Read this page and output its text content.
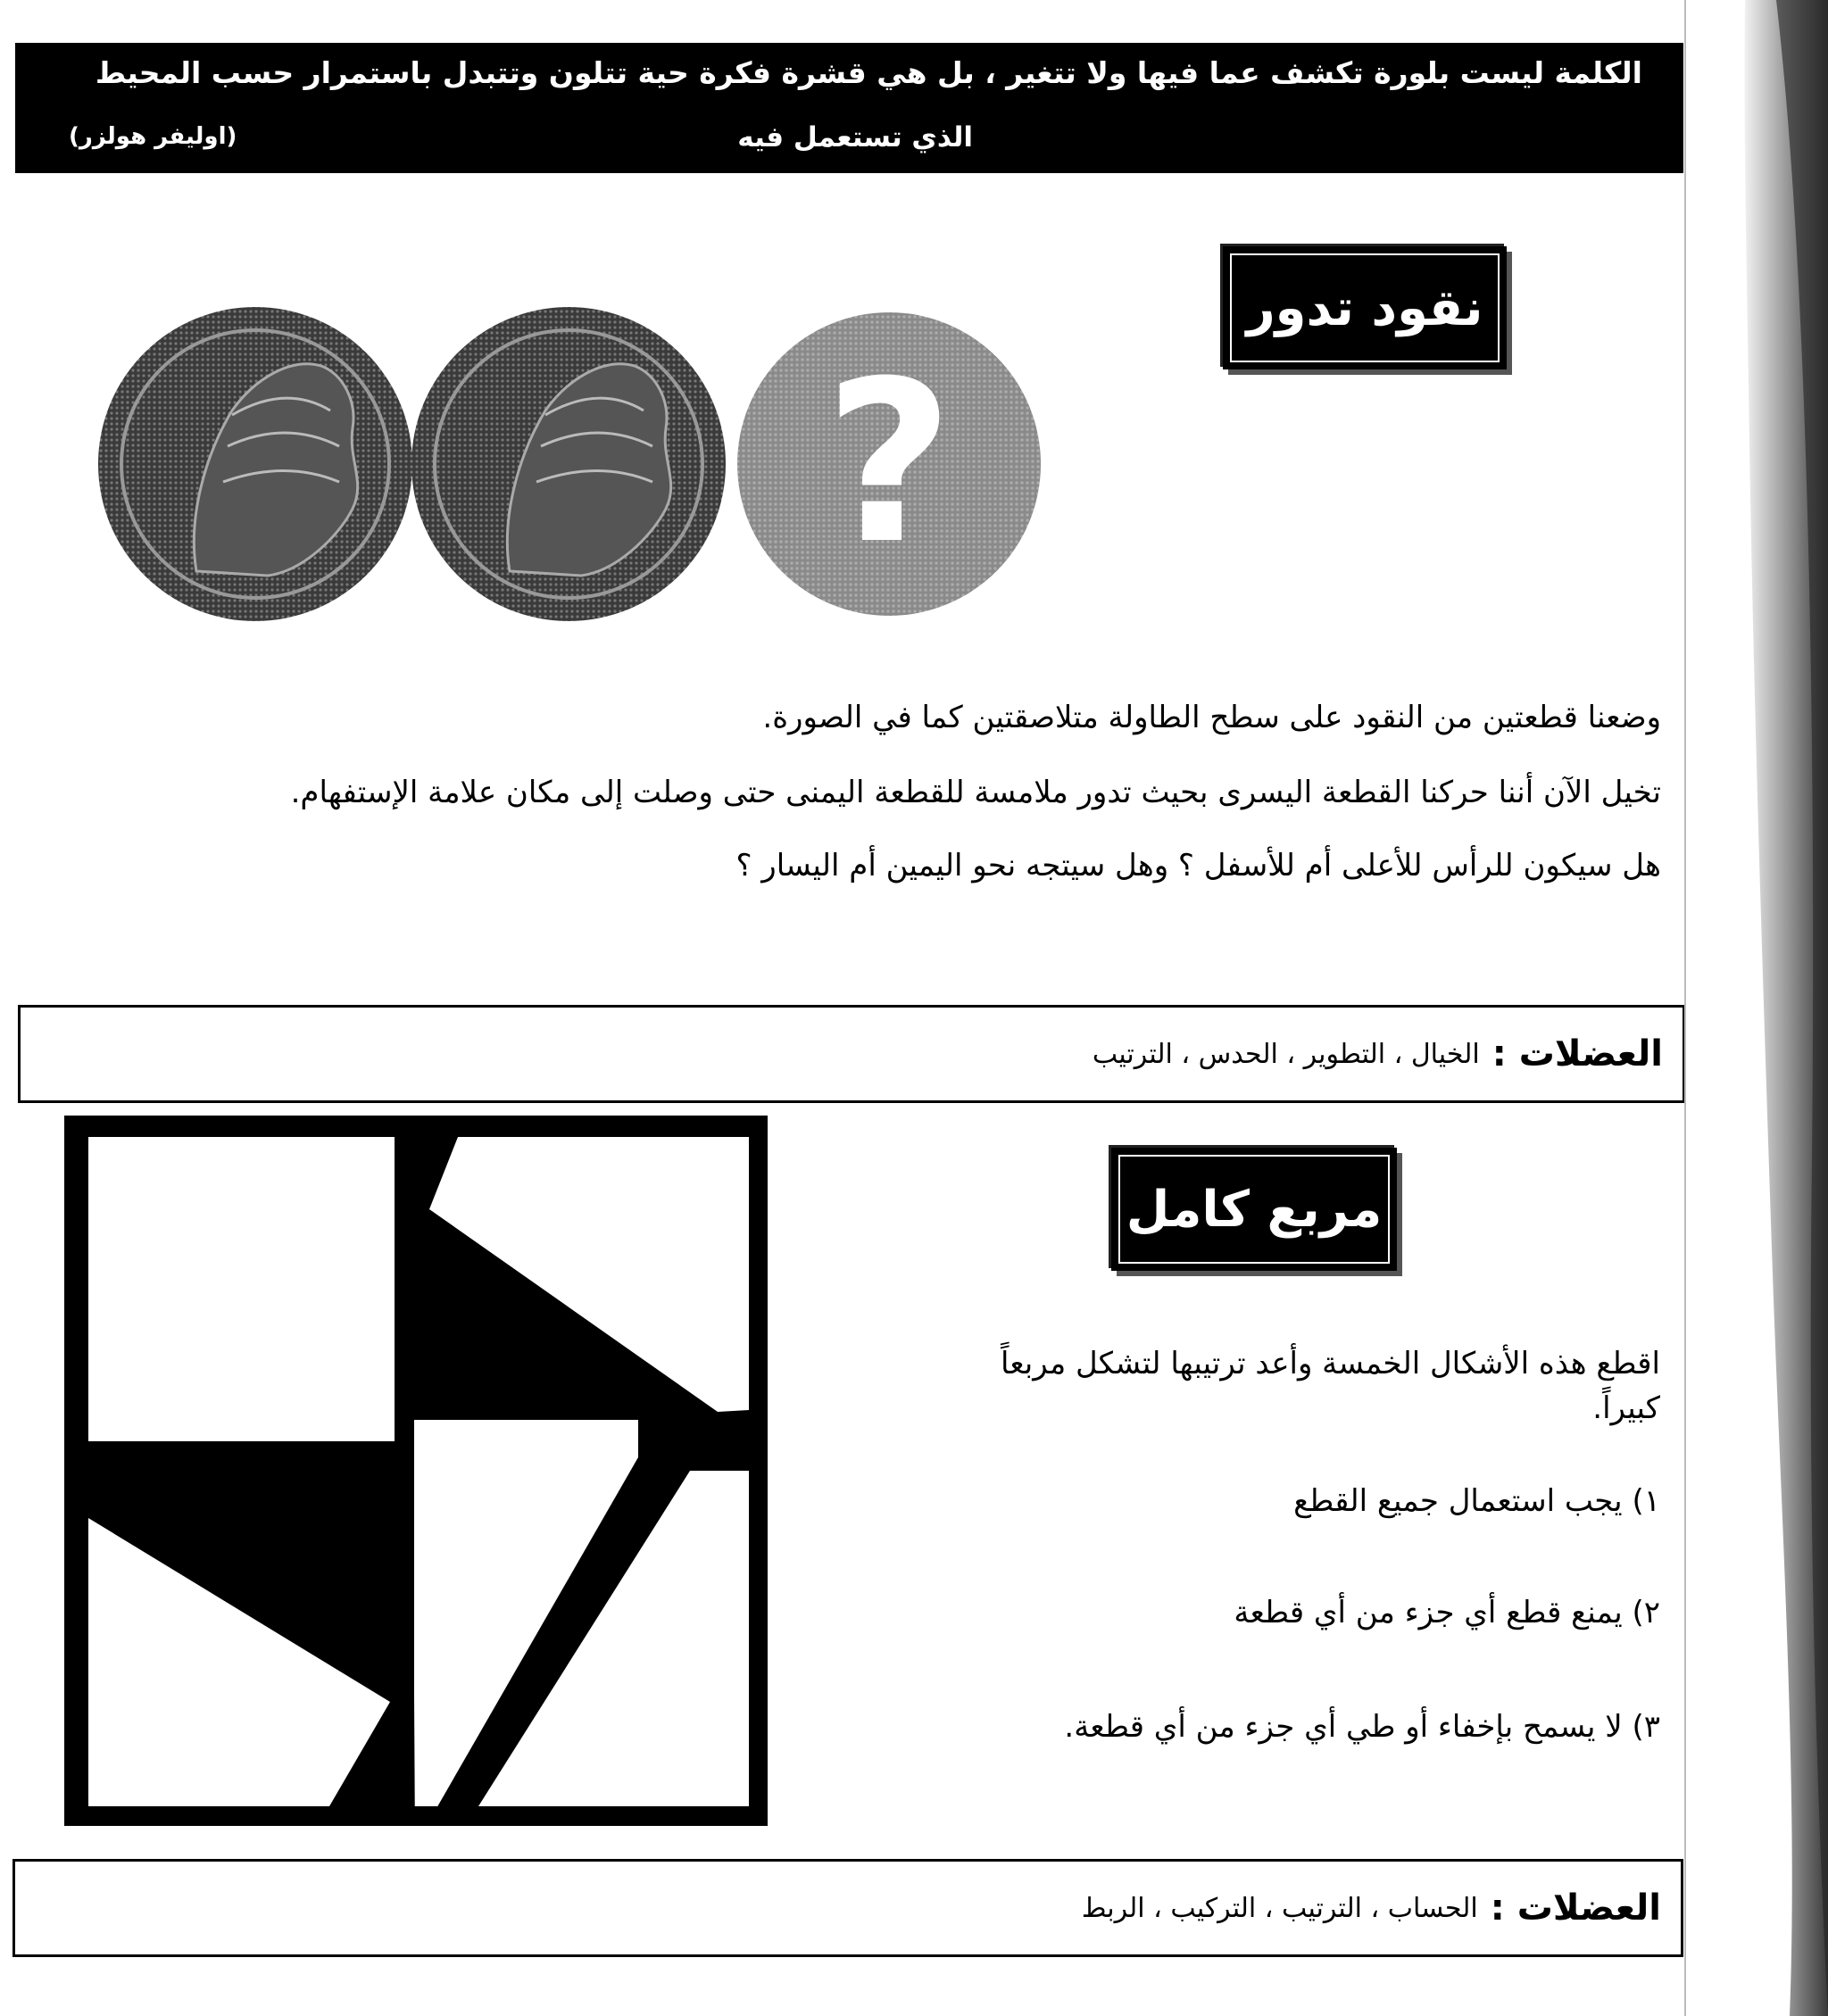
الكلمة ليست بلورة تكشف عما فيها ولا تتغير ، بل هي قشرة فكرة حية تتلون وتتبدل باستمرار حسب المحيط
الذي تستعمل فيه
(اوليفر هولزر)
نقود تدور
?
وضعنا قطعتين من النقود على سطح الطاولة متلاصقتين كما في الصورة.
تخيل الآن أننا حركنا القطعة اليسرى بحيث تدور ملامسة للقطعة اليمنى حتى وصلت إلى مكان علامة الإستفهام.
هل سيكون للرأس للأعلى أم للأسفل ؟ وهل سيتجه نحو اليمين أم اليسار ؟
العضلات
:
الخيال ، التطوير ، الحدس ، الترتيب
مربع كامل
اقطع هذه الأشكال الخمسة وأعد ترتيبها لتشكل مربعاً
كبيراً.
١) يجب استعمال جميع القطع
٢) يمنع قطع أي جزء من أي قطعة
٣) لا يسمح بإخفاء أو طي أي جزء من أي قطعة.
العضلات
:
الحساب ، الترتيب ، التركيب ، الربط
